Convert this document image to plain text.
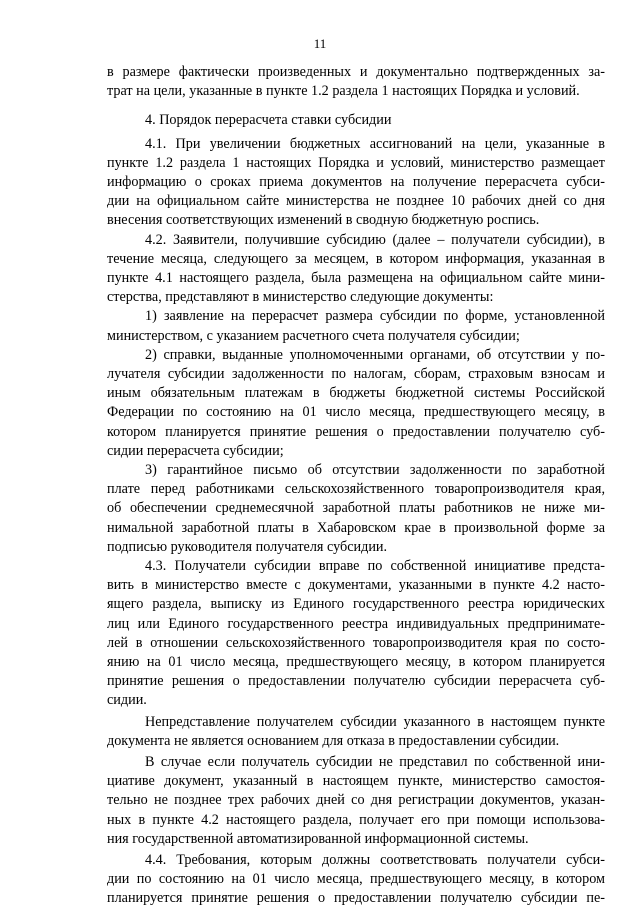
11
в размере фактически произведенных и документально подтвержденных за-
трат на цели, указанные в пункте 1.2 раздела 1 настоящих Порядка и условий.
4. Порядок перерасчета ставки субсидии
4.1. При увеличении бюджетных ассигнований на цели, указанные в
пункте 1.2 раздела 1 настоящих Порядка и условий, министерство размещает
информацию о сроках приема документов на получение перерасчета субси-
дии на официальном сайте министерства не позднее 10 рабочих дней со дня
внесения соответствующих изменений в сводную бюджетную роспись.
4.2. Заявители, получившие субсидию (далее – получатели субсидии), в
течение месяца, следующего за месяцем, в котором информация, указанная в
пункте 4.1 настоящего раздела, была размещена на официальном сайте мини-
стерства, представляют в министерство следующие документы:
1) заявление на перерасчет размера субсидии по форме, установленной
министерством, с указанием расчетного счета получателя субсидии;
2) справки, выданные уполномоченными органами, об отсутствии у по-
лучателя субсидии задолженности по налогам, сборам, страховым взносам и
иным обязательным платежам в бюджеты бюджетной системы Российской
Федерации по состоянию на 01 число месяца, предшествующего месяцу, в
котором планируется принятие решения о предоставлении получателю суб-
сидии перерасчета субсидии;
3) гарантийное письмо об отсутствии задолженности по заработной
плате перед работниками сельскохозяйственного товаропроизводителя края,
об обеспечении среднемесячной заработной платы работников не ниже ми-
нимальной заработной платы в Хабаровском крае в произвольной форме за
подписью руководителя получателя субсидии.
4.3. Получатели субсидии вправе по собственной инициативе предста-
вить в министерство вместе с документами, указанными в пункте 4.2 насто-
ящего раздела, выписку из Единого государственного реестра юридических
лиц или Единого государственного реестра индивидуальных предпринимате-
лей в отношении сельскохозяйственного товаропроизводителя края по состо-
янию на 01 число месяца, предшествующего месяцу, в котором планируется
принятие решения о предоставлении получателю субсидии перерасчета суб-
сидии.
Непредставление получателем субсидии указанного в настоящем пункте
документа не является основанием для отказа в предоставлении субсидии.
В случае если получатель субсидии не представил по собственной ини-
циативе документ, указанный в настоящем пункте, министерство самостоя-
тельно не позднее трех рабочих дней со дня регистрации документов, указан-
ных в пункте 4.2 настоящего раздела, получает его при помощи использова-
ния государственной автоматизированной информационной системы.
4.4. Требования, которым должны соответствовать получатели субси-
дии по состоянию на 01 число месяца, предшествующего месяцу, в котором
планируется принятие решения о предоставлении получателю субсидии пе-
